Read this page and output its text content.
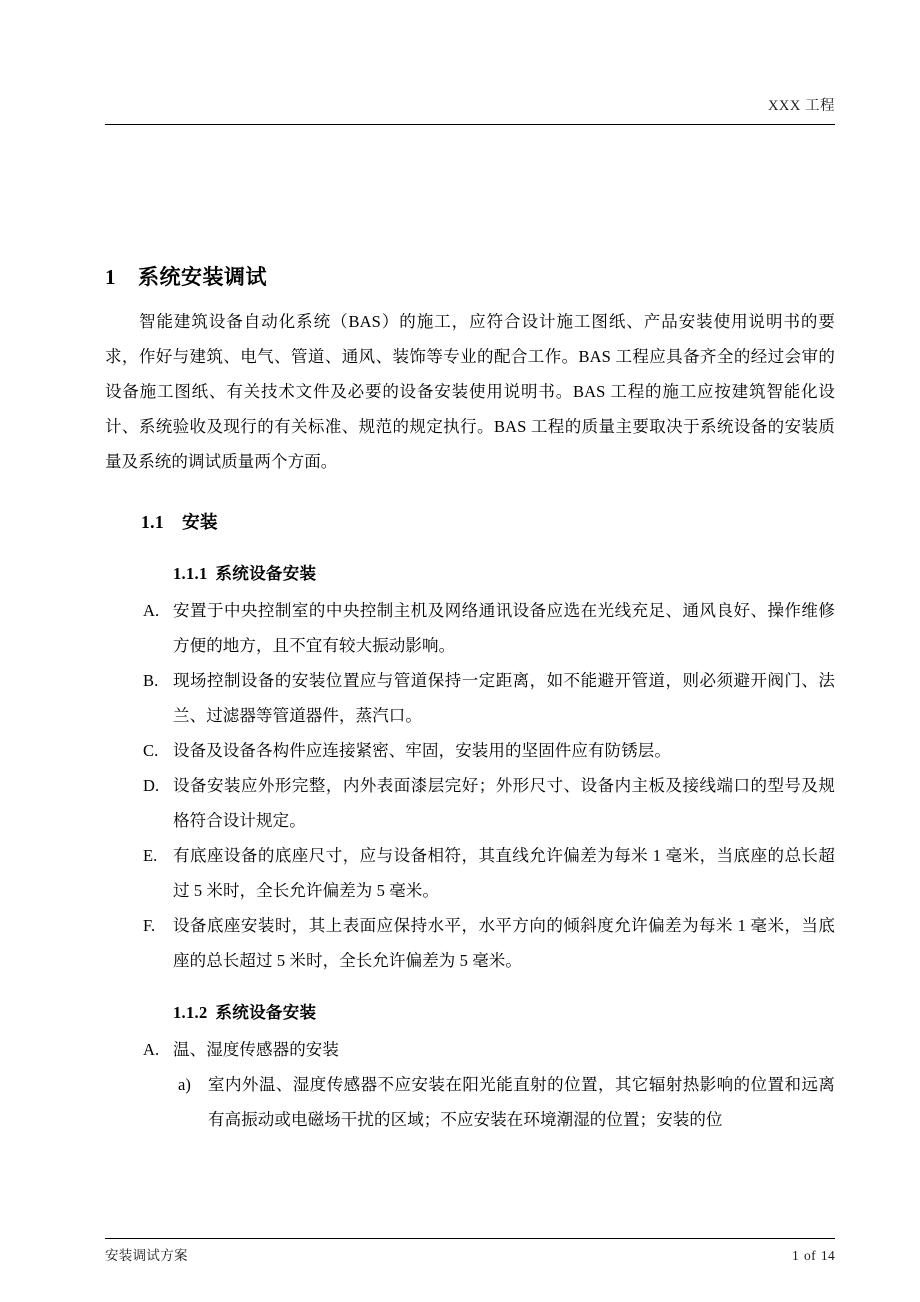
XXX 工程
1 系统安装调试

智能建筑设备自动化系统（BAS）的施工，应符合设计施工图纸、产品安装使用说明书的要求，作好与建筑、电气、管道、通风、装饰等专业的配合工作。BAS 工程应具备齐全的经过会审的设备施工图纸、有关技术文件及必要的设备安装使用说明书。BAS 工程的施工应按建筑智能化设计、系统验收及现行的有关标准、规范的规定执行。BAS 工程的质量主要取决于系统设备的安装质量及系统的调试质量两个方面。

1.1 安装
1.1.1 系统设备安装
A. 安置于中央控制室的中央控制主机及网络通讯设备应选在光线充足、通风良好、操作维修方便的地方，且不宜有较大振动影响。
B. 现场控制设备的安装位置应与管道保持一定距离，如不能避开管道，则必须避开阀门、法兰、过滤器等管道器件，蒸汽口。
C. 设备及设备各构件应连接紧密、牢固，安装用的坚固件应有防锈层。
D. 设备安装应外形完整，内外表面漆层完好；外形尺寸、设备内主板及接线端口的型号及规格符合设计规定。
E. 有底座设备的底座尺寸，应与设备相符，其直线允许偏差为每米 1 毫米，当底座的总长超过 5 米时，全长允许偏差为 5 毫米。
F.	设备底座安装时，其上表面应保持水平，水平方向的倾斜度允许偏差为每米 1 毫米，当底座的总长超过 5 米时，全长允许偏差为 5 毫米。
1.1.2 系统设备安装
A. 温、湿度传感器的安装
a)	室内外温、湿度传感器不应安装在阳光能直射的位置，其它辐射热影响的位置和远离有高振动或电磁场干扰的区域；不应安装在环境潮湿的位置；安装的位
安装调试方案	1 of 14
